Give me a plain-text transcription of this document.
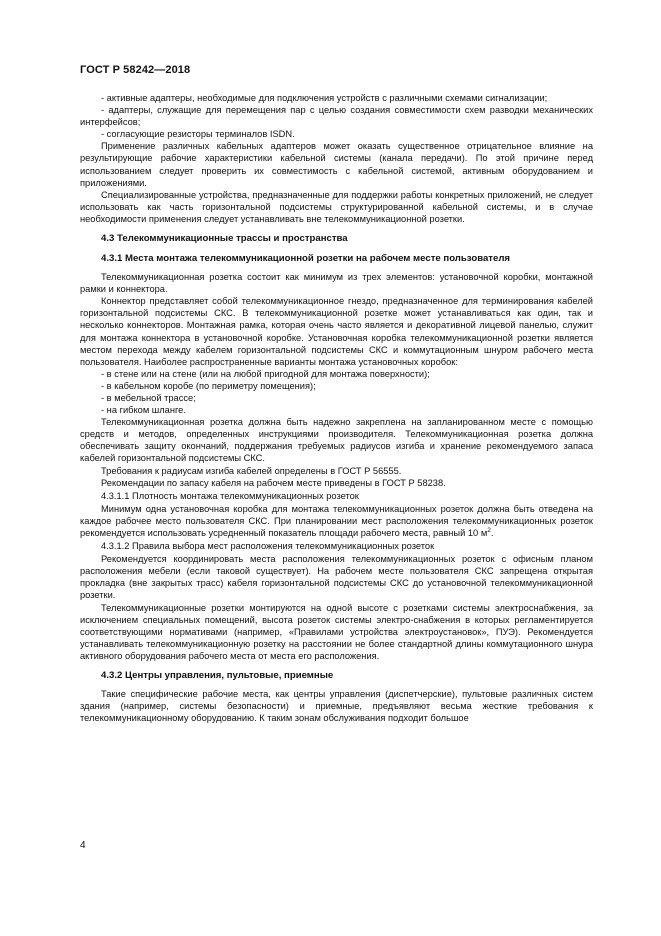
ГОСТ Р 58242—2018

- активные адаптеры, необходимые для подключения устройств с различными схемами сигнализации;

- адаптеры, служащие для перемещения пар с целью создания совместимости схем разводки механических интерфейсов;

- согласующие резисторы терминалов ISDN.

Применение различных кабельных адаптеров может оказать существенное отрицательное влияние на результирующие рабочие характеристики кабельной системы (канала передачи). По этой причине перед использованием следует проверить их совместимость с кабельной системой, активным оборудованием и приложениями.

Специализированные устройства, предназначенные для поддержки работы конкретных приложений, не следует использовать как часть горизонтальной подсистемы структурированной кабельной системы, и в случае необходимости применения следует устанавливать вне телекоммуникационной розетки.

4.3 Телекоммуникационные трассы и пространства
4.3.1 Места монтажа телекоммуникационной розетки на рабочем месте пользователя

Телекоммуникационная розетка состоит как минимум из трех элементов: установочной коробки, монтажной рамки и коннектора.

Коннектор представляет собой телекоммуникационное гнездо, предназначенное для терминирования кабелей горизонтальной подсистемы СКС. В телекоммуникационной розетке может устанавливаться как один, так и несколько коннекторов. Монтажная рамка, которая очень часто является и декоративной лицевой панелью, служит для монтажа коннектора в установочной коробке. Установочная коробка телекоммуникационной розетки является местом перехода между кабелем горизонтальной подсистемы СКС и коммутационным шнуром рабочего места пользователя. Наиболее распространенные варианты монтажа установочных коробок:

- в стене или на стене (или на любой пригодной для монтажа поверхности);

- в кабельном коробе (по периметру помещения);

- в мебельной трассе;

- на гибком шланге.

Телекоммуникационная розетка должна быть надежно закреплена на запланированном месте с помощью средств и методов, определенных инструкциями производителя. Телекоммуникационная розетка должна обеспечивать защиту окончаний, поддержания требуемых радиусов изгиба и хранение рекомендуемого запаса кабелей горизонтальной подсистемы СКС.

Требования к радиусам изгиба кабелей определены в ГОСТ Р 56555.

Рекомендации по запасу кабеля на рабочем месте приведены в ГОСТ Р 58238.

4.3.1.1 Плотность монтажа телекоммуникационных розеток

Минимум одна установочная коробка для монтажа телекоммуникационных розеток должна быть отведена на каждое рабочее место пользователя СКС. При планировании мест расположения телекоммуникационных розеток рекомендуется использовать усредненный показатель площади рабочего места, равный 10 $м^2$.

4.3.1.2 Правила выбора мест расположения телекоммуникационных розеток

Рекомендуется координировать места расположения телекоммуникационных розеток с офисным планом расположения мебели (если таковой существует). На рабочем месте пользователя СКС запрещена открытая прокладка (вне закрытых трасс) кабеля горизонтальной подсистемы СКС до установочной телекоммуникационной розетки.

Телекоммуникационные розетки монтируются на одной высоте с розетками системы электроснабжения, за исключением специальных помещений, высота розеток системы электро-снабжения в которых регламентируется соответствующими нормативами (например, «Правилами устройства электроустановок», ПУЭ). Рекомендуется устанавливать телекоммуникационную розетку на расстоянии не более стандартной длины коммутационного шнура активного оборудования рабочего места от места его расположения.

4.3.2 Центры управления, пультовые, приемные

Такие специфические рабочие места, как центры управления (диспетчерские), пультовые различных систем здания (например, системы безопасности) и приемные, предъявляют весьма жесткие требования к телекоммуникационному оборудованию. К таким зонам обслуживания подходит большое

4
